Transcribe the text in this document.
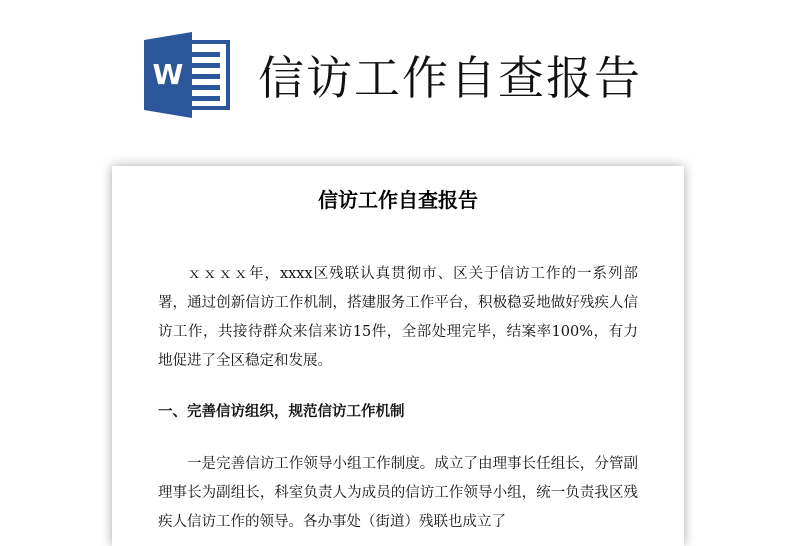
W 信访工作自查报告
信访工作自查报告

ｘｘｘｘ年，xxxx区残联认真贯彻市、区关于信访工作的一系列部署，通过创新信访工作机制，搭建服务工作平台，积极稳妥地做好残疾人信访工作，共接待群众来信来访15件，全部处理完毕，结案率100%，有力地促进了全区稳定和发展。

一、完善信访组织，规范信访工作机制

一是完善信访工作领导小组工作制度。成立了由理事长任组长，分管副理事长为副组长，科室负责人为成员的信访工作领导小组，统一负责我区残疾人信访工作的领导。各办事处（街道）残联也成立了
